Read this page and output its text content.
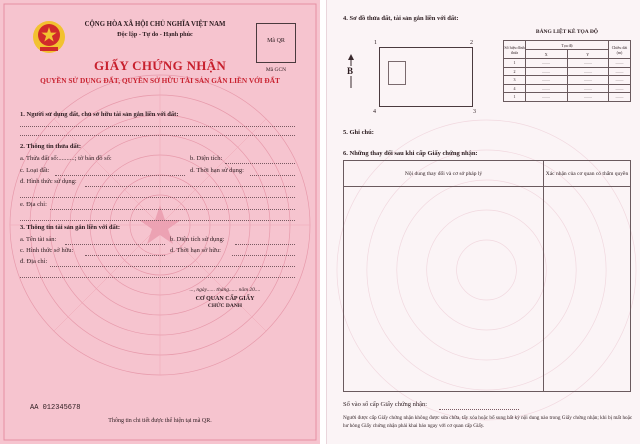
CỘNG HÒA XÃ HỘI CHỦ NGHĨA VIỆT NAM
Độc lập - Tự do - Hạnh phúc
Mã QR
Mã GCN
GIẤY CHỨNG NHẬN
QUYỀN SỬ DỤNG ĐẤT, QUYỀN SỞ HỮU TÀI SẢN GẮN LIỀN VỚI ĐẤT
1. Người sử dụng đất, chủ sở hữu tài sản gắn liền với đất:
2. Thông tin thửa đất:
a. Thửa đất số:..........; tờ bản đồ số:	b. Diện tích:
c. Loại đất:	d. Thời hạn sử dụng:
đ. Hình thức sử dụng:
e. Địa chỉ:
3. Thông tin tài sản gắn liền với đất:
a. Tên tài sản:	b. Diện tích sử dụng:
c. Hình thức sở hữu:	d. Thời hạn sở hữu:
đ. Địa chỉ:
..., ngày...... tháng...... năm 20....
CƠ QUAN CẤP GIẤY
CHỨC DANH
AA 012345678
Thông tin chi tiết được thể hiện tại mã QR.
4. Sơ đồ thửa đất, tài sản gắn liền với đất:
1	2
3
4
B
BẢNG LIỆT KÊ TỌA ĐỘ
Số hiệu đỉnh thửa	Tọa độ		Chiều dài (m)
	X	Y	
1	........	........	........
2	........	........	........
3	........	........	........
4	........	........	........
1	........	........	........
5. Ghi chú:
6. Những thay đổi sau khi cấp Giấy chứng nhận:
Nội dung thay đổi và cơ sở pháp lý	Xác nhận của cơ quan có thẩm quyền

Số vào sổ cấp Giấy chứng nhận:
Người được cấp Giấy chứng nhận không được sửa chữa, tẩy xóa hoặc bổ sung bất kỳ nội dung nào trong Giấy chứng nhận; khi bị mất hoặc hư hỏng Giấy chứng nhận phải khai báo ngay với cơ quan cấp Giấy.
